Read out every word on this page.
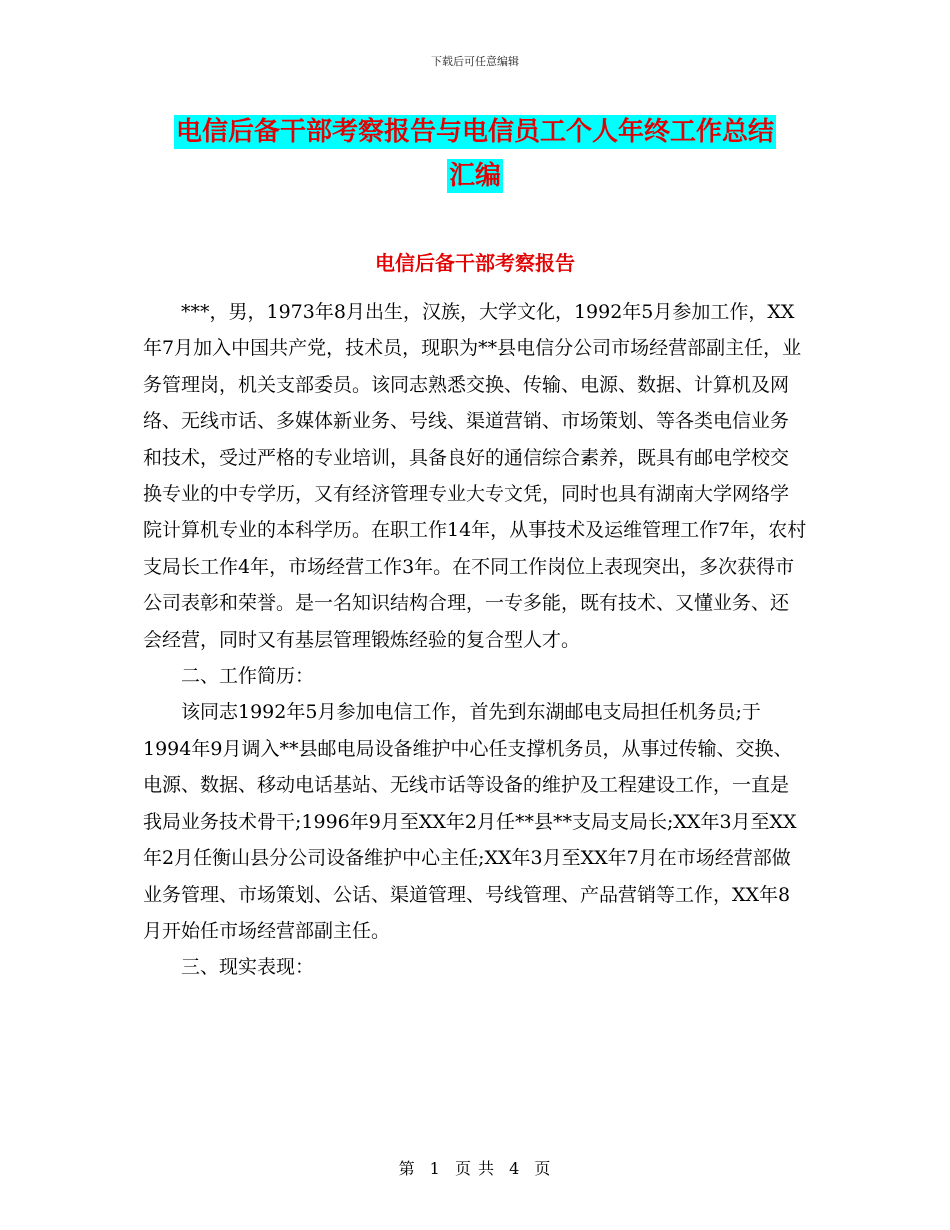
下载后可任意编辑
电信后备干部考察报告与电信员工个人年终工作总结
汇编
电信后备干部考察报告

***，男，1973年8月出生，汉族，大学文化，1992年5月参加工作，XX年7月加入中国共产党，技术员，现职为**县电信分公司市场经营部副主任，业务管理岗，机关支部委员。该同志熟悉交换、传输、电源、数据、计算机及网络、无线市话、多媒体新业务、号线、渠道营销、市场策划、等各类电信业务和技术，受过严格的专业培训，具备良好的通信综合素养，既具有邮电学校交换专业的中专学历，又有经济管理专业大专文凭，同时也具有湖南大学网络学院计算机专业的本科学历。在职工作14年，从事技术及运维管理工作7年，农村支局长工作4年，市场经营工作3年。在不同工作岗位上表现突出，多次获得市公司表彰和荣誉。是一名知识结构合理，一专多能，既有技术、又懂业务、还会经营，同时又有基层管理锻炼经验的复合型人才。

二、工作简历：

该同志1992年5月参加电信工作，首先到东湖邮电支局担任机务员;于1994年9月调入**县邮电局设备维护中心任支撑机务员，从事过传输、交换、电源、数据、移动电话基站、无线市话等设备的维护及工程建设工作，一直是我局业务技术骨干;1996年9月至XX年2月任**县**支局支局长;XX年3月至XX年2月任衡山县分公司设备维护中心主任;XX年3月至XX年7月在市场经营部做业务管理、市场策划、公话、渠道管理、号线管理、产品营销等工作，XX年8月开始任市场经营部副主任。

三、现实表现：

第 1 页 共 4 页
